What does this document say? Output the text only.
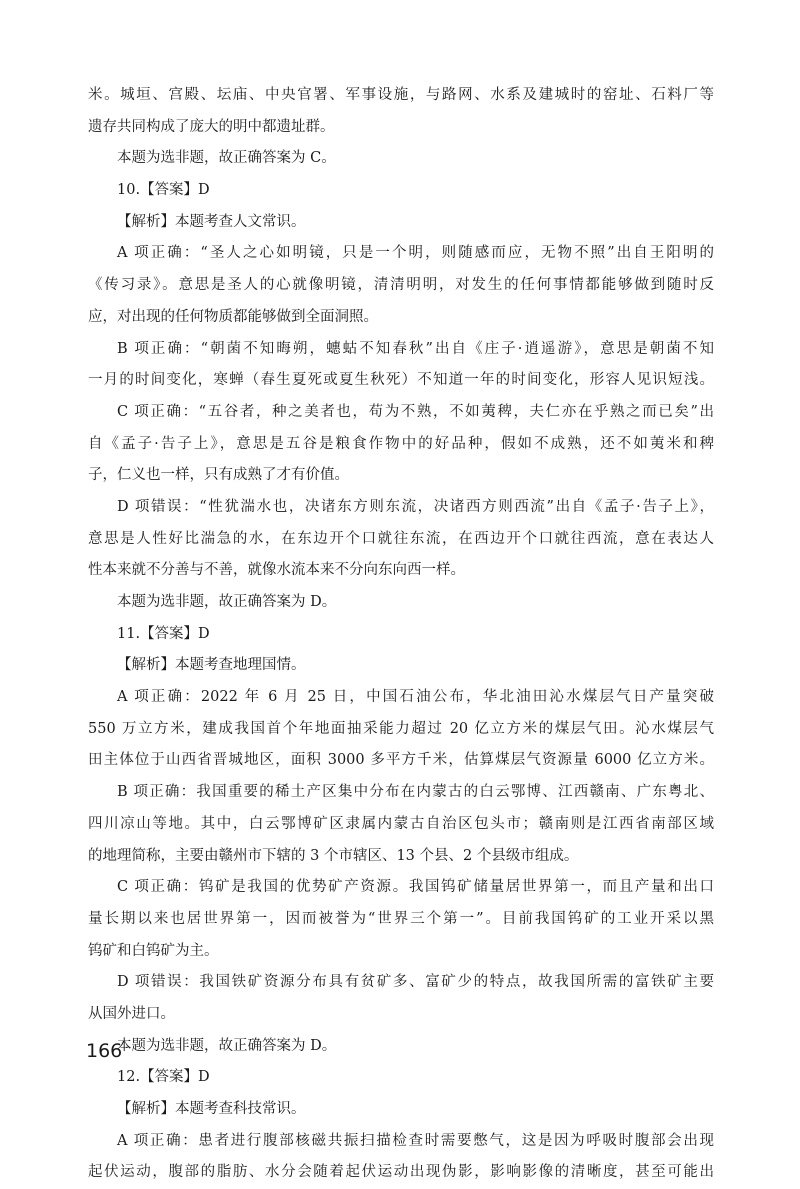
米。城垣、宫殿、坛庙、中央官署、军事设施，与路网、水系及建城时的窑址、石料厂等
遗存共同构成了庞大的明中都遗址群。
本题为选非题，故正确答案为 C。
10.【答案】D
【解析】本题考查人文常识。
A 项正确：“圣人之心如明镜，只是一个明，则随感而应，无物不照”出自王阳明的
《传习录》。意思是圣人的心就像明镜，清清明明，对发生的任何事情都能够做到随时反
应，对出现的任何物质都能够做到全面洞照。
B 项正确：“朝菌不知晦朔，蟪蛄不知春秋”出自《庄子·逍遥游》，意思是朝菌不知
一月的时间变化，寒蝉（春生夏死或夏生秋死）不知道一年的时间变化，形容人见识短浅。
C 项正确：“五谷者，种之美者也，苟为不熟，不如荑稗，夫仁亦在乎熟之而已矣”出
自《孟子·告子上》，意思是五谷是粮食作物中的好品种，假如不成熟，还不如荑米和稗
子，仁义也一样，只有成熟了才有价值。
D 项错误：“性犹湍水也，决诸东方则东流，决诸西方则西流”出自《孟子·告子上》，
意思是人性好比湍急的水，在东边开个口就往东流，在西边开个口就往西流，意在表达人
性本来就不分善与不善，就像水流本来不分向东向西一样。
本题为选非题，故正确答案为 D。
11.【答案】D
【解析】本题考查地理国情。
A 项正确：2022 年 6 月 25 日，中国石油公布，华北油田沁水煤层气日产量突破
550 万立方米，建成我国首个年地面抽采能力超过 20 亿立方米的煤层气田。沁水煤层气
田主体位于山西省晋城地区，面积 3000 多平方千米，估算煤层气资源量 6000 亿立方米。
B 项正确：我国重要的稀土产区集中分布在内蒙古的白云鄂博、江西赣南、广东粤北、
四川凉山等地。其中，白云鄂博矿区隶属内蒙古自治区包头市；赣南则是江西省南部区域
的地理简称，主要由赣州市下辖的 3 个市辖区、13 个县、2 个县级市组成。
C 项正确：钨矿是我国的优势矿产资源。我国钨矿储量居世界第一，而且产量和出口
量长期以来也居世界第一，因而被誉为“世界三个第一”。目前我国钨矿的工业开采以黑
钨矿和白钨矿为主。
D 项错误：我国铁矿资源分布具有贫矿多、富矿少的特点，故我国所需的富铁矿主要
从国外进口。
本题为选非题，故正确答案为 D。
12.【答案】D
【解析】本题考查科技常识。
A 项正确：患者进行腹部核磁共振扫描检查时需要憋气，这是因为呼吸时腹部会出现
起伏运动，腹部的脂肪、水分会随着起伏运动出现伪影，影响影像的清晰度，甚至可能出
166
